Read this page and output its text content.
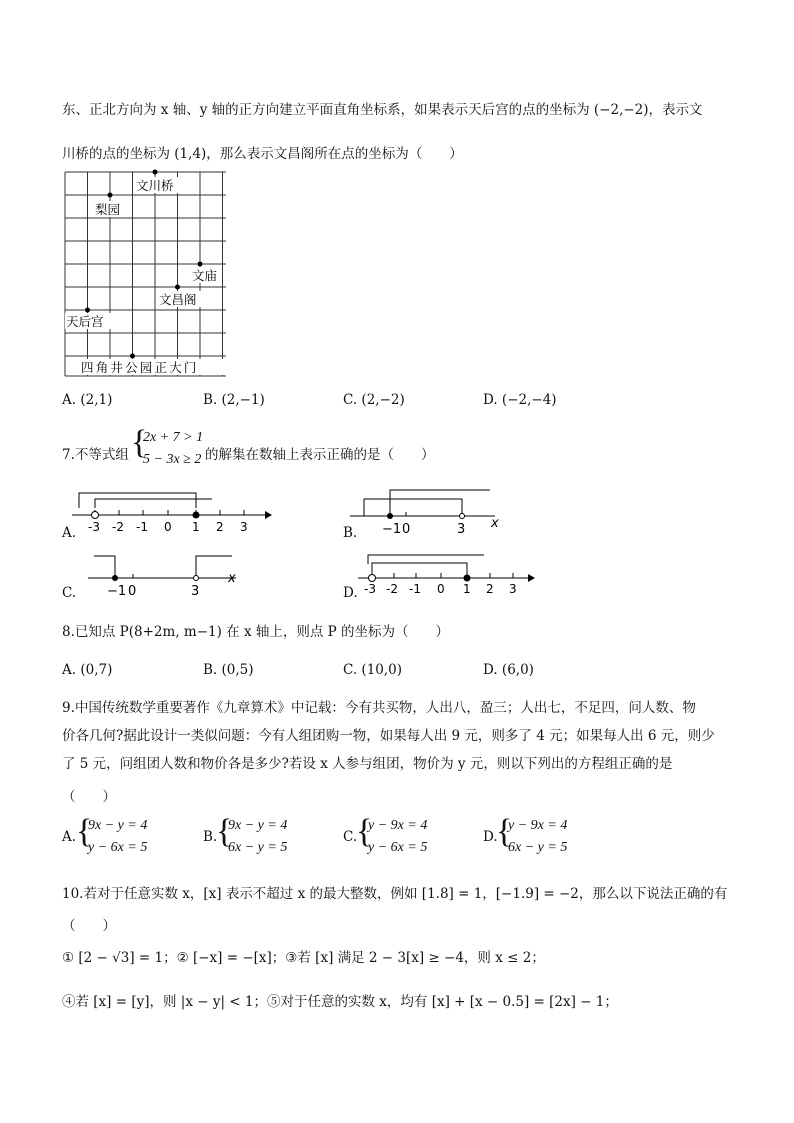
东、正北方向为 x 轴、y 轴的正方向建立平面直角坐标系，如果表示天后宫的点的坐标为 (−2,−2)，表示文
川桥的点的坐标为 (1,4)，那么表示文昌阁所在点的坐标为（　　）
文川桥
梨园
文庙
文昌阁
天后宫
四角井公园正大门
A. (2,1)	B. (2,−1)	C. (2,−2)	D. (−2,−4)
7.不等式组 {
2x + 7 > 1
5 − 3x ≥ 2 的解集在数轴上表示正确的是（　　）
A. -3 -2 -1 0 1 2 3	B. −1 0	3 x
C. −1 0	3
x
D. -3 -2 -1 0 1 2 3
8.已知点 P(8+2m, m−1) 在 x 轴上，则点 P 的坐标为（　　）
A. (0,7)	B. (0,5)	C. (10,0)	D. (6,0)
9.中国传统数学重要著作《九章算术》中记载：今有共买物，人出八，盈三；人出七，不足四，问人数、物
价各几何?据此设计一类似问题：今有人组团购一物，如果每人出 9 元，则多了 4 元；如果每人出 6 元，则少
了 5 元，问组团人数和物价各是多少?若设 x 人参与组团，物价为 y 元，则以下列出的方程组正确的是
（　　）
A. {
9x − y = 4
y − 6x = 5
B.
{
9x − y = 4
6x − y = 5
C.
{
y − 9x = 4
y − 6x = 5
D.
{
y − 9x = 4
6x − y = 5
10.若对于任意实数 x，[x] 表示不超过 x 的最大整数，例如 [1.8] = 1，[−1.9] = −2，那么以下说法正确的有
（　　）
① [2 − √3] = 1；② [−x] = −[x]；③若 [x] 满足 2 − 3[x] ≥ −4，则 x ≤ 2；
④若 [x] = [y]，则 |x − y| < 1；⑤对于任意的实数 x，均有 [x] + [x − 0.5] = [2x] − 1；
